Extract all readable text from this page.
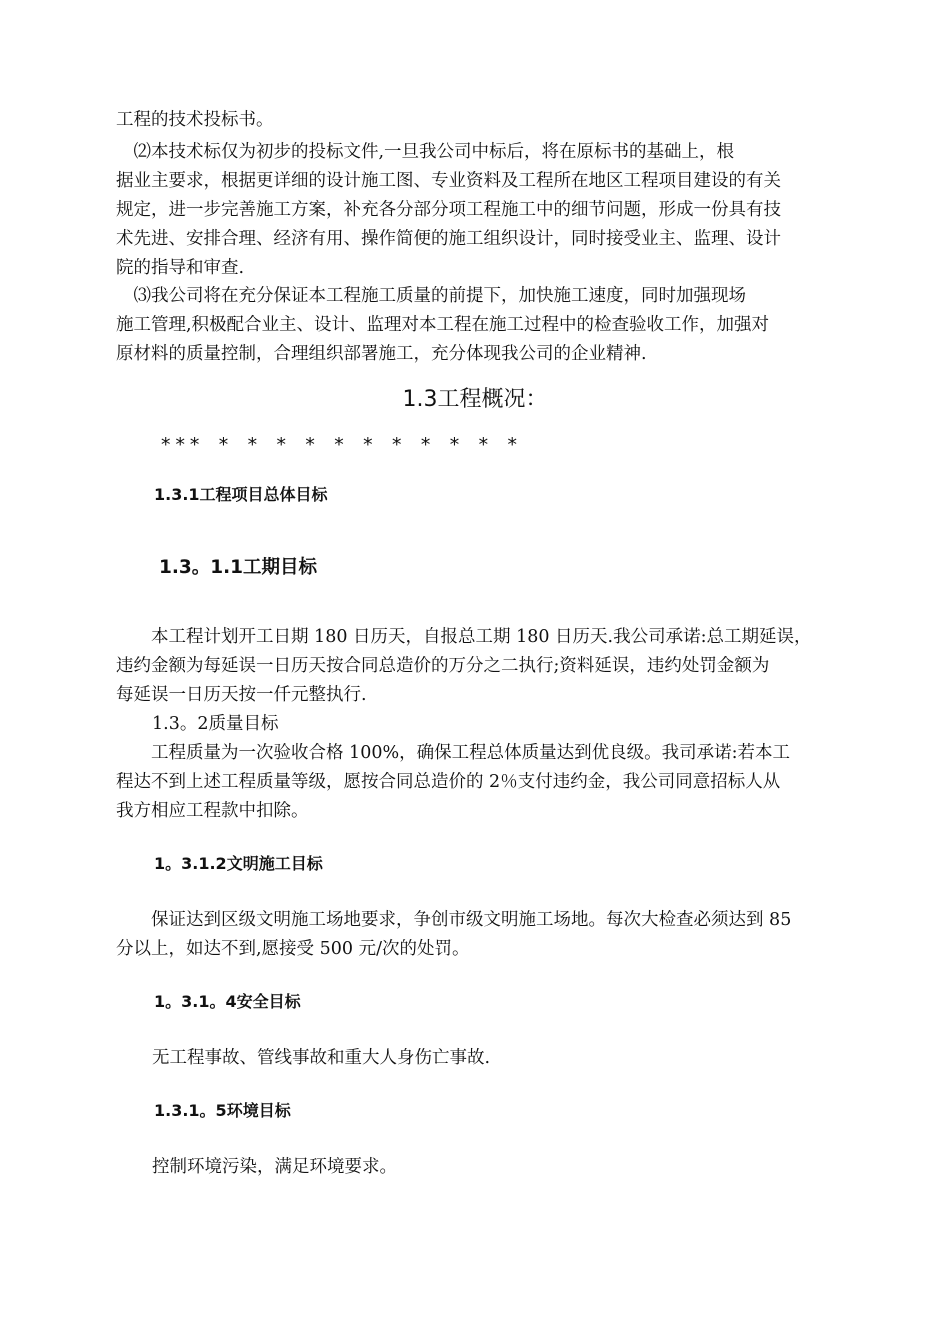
工程的技术投标书。

　⑵本技术标仅为初步的投标文件,一旦我公司中标后，将在原标书的基础上，根

据业主要求，根据更详细的设计施工图、专业资料及工程所在地区工程项目建设的有关

规定，进一步完善施工方案，补充各分部分项工程施工中的细节问题，形成一份具有技

术先进、安排合理、经济有用、操作简便的施工组织设计，同时接受业主、监理、设计

院的指导和审查.

　⑶我公司将在充分保证本工程施工质量的前提下，加快施工速度，同时加强现场

施工管理,积极配合业主、设计、监理对本工程在施工过程中的检查验收工作，加强对

原材料的质量控制，合理组织部署施工，充分体现我公司的企业精神.

1.3工程概况：

*** * * * * * * * * * * *

1.3.1工程项目总体目标
1.3。1.1工期目标

　　本工程计划开工日期 180 日历天，自报总工期 180 日历天.我公司承诺:总工期延误，

违约金额为每延误一日历天按合同总造价的万分之二执行;资料延误，违约处罚金额为

每延误一日历天按一仟元整执行.

1.3。2质量目标

　　工程质量为一次验收合格 100%，确保工程总体质量达到优良级。我司承诺:若本工

程达不到上述工程质量等级，愿按合同总造价的 2％支付违约金，我公司同意招标人从

我方相应工程款中扣除。

1。3.1.2文明施工目标

　　保证达到区级文明施工场地要求，争创市级文明施工场地。每次大检查必须达到 85

分以上，如达不到,愿接受 500 元/次的处罚。

1。3.1。4安全目标

无工程事故、管线事故和重大人身伤亡事故.

1.3.1。5环境目标

控制环境污染，满足环境要求。
